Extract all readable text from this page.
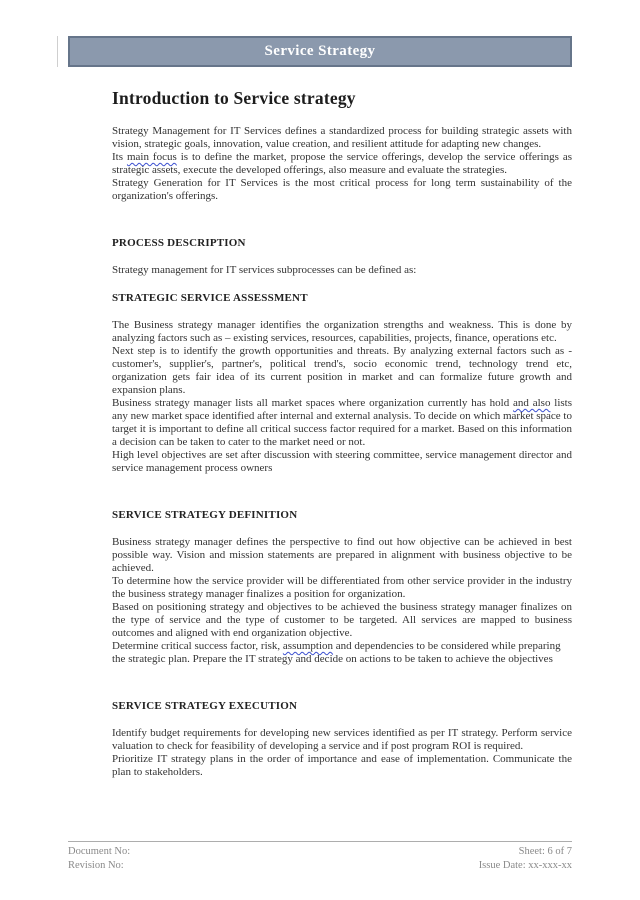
Service Strategy
Introduction to Service strategy

Strategy Management for IT Services defines a standardized process for building strategic assets with vision, strategic goals, innovation, value creation, and resilient attitude for adapting new changes.

Its main focus is to define the market, propose the service offerings, develop the service offerings as strategic assets, execute the developed offerings, also measure and evaluate the strategies.

Strategy Generation for IT Services is the most critical process for long term sustainability of the organization's offerings.

PROCESS DESCRIPTION

Strategy management for IT services subprocesses can be defined as:

STRATEGIC SERVICE ASSESSMENT

The Business strategy manager identifies the organization strengths and weakness. This is done by analyzing factors such as – existing services, resources, capabilities, projects, finance, operations etc.

Next step is to identify the growth opportunities and threats. By analyzing external factors such as - customer's, supplier's, partner's, political trend's, socio economic trend, technology trend etc, organization gets fair idea of its current position in market and can formalize future growth and expansion plans.

Business strategy manager lists all market spaces where organization currently has hold and also lists any new market space identified after internal and external analysis. To decide on which market space to target it is important to define all critical success factor required for a market. Based on this information a decision can be taken to cater to the market need or not.

High level objectives are set after discussion with steering committee, service management director and service management process owners

SERVICE STRATEGY DEFINITION

Business strategy manager defines the perspective to find out how objective can be achieved in best possible way. Vision and mission statements are prepared in alignment with business objective to be achieved.

To determine how the service provider will be differentiated from other service provider in the industry the business strategy manager finalizes a position for organization.

Based on positioning strategy and objectives to be achieved the business strategy manager finalizes on the type of service and the type of customer to be targeted. All services are mapped to business outcomes and aligned with end organization objective.

Determine critical success factor, risk, assumption and dependencies to be considered while preparing the strategic plan. Prepare the IT strategy and decide on actions to be taken to achieve the objectives

SERVICE STRATEGY EXECUTION

Identify budget requirements for developing new services identified as per IT strategy. Perform service valuation to check for feasibility of developing a service and if post program ROI is required.

Prioritize IT strategy plans in the order of importance and ease of implementation. Communicate the plan to stakeholders.

Document No:
Revision No:
Sheet: 6 of 7
Issue Date: xx-xxx-xx
